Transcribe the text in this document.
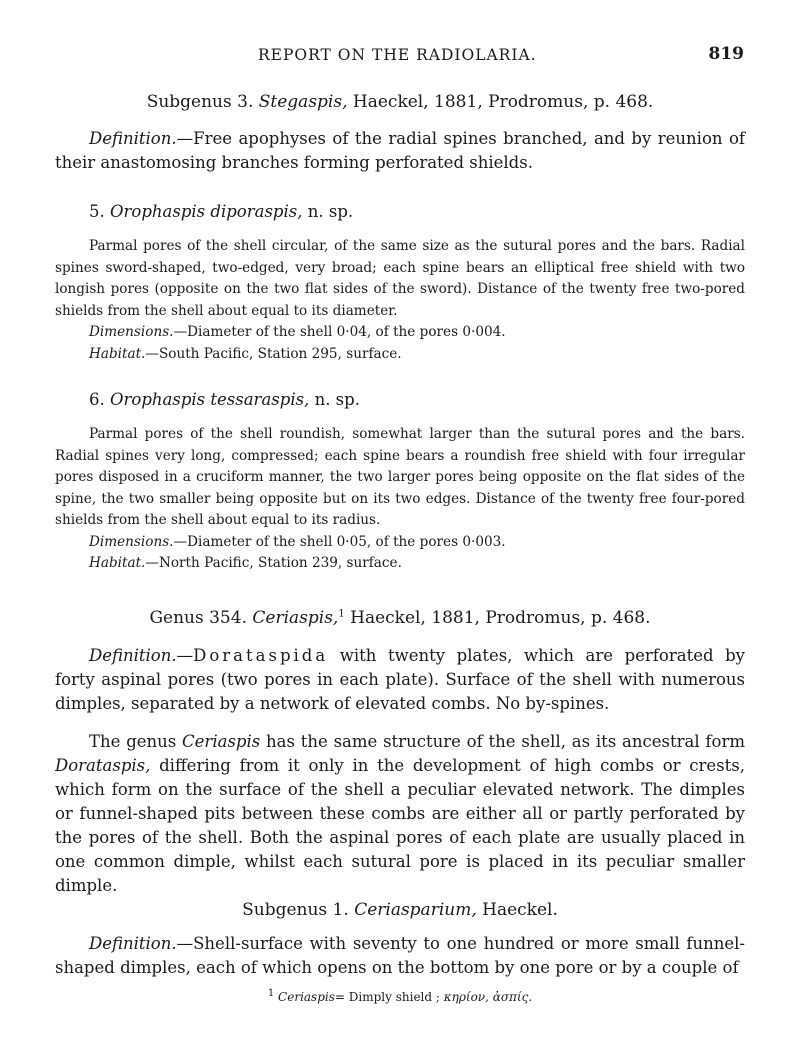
REPORT ON THE RADIOLARIA.	819
Subgenus 3. Stegaspis, Haeckel, 1881, Prodromus, p. 468.

Definition.—Free apophyses of the radial spines branched, and by reunion of their anastomosing branches forming perforated shields.

5. Orophaspis diporaspis, n. sp.

Parmal pores of the shell circular, of the same size as the sutural pores and the bars. Radial spines sword-shaped, two-edged, very broad; each spine bears an elliptical free shield with two longish pores (opposite on the two flat sides of the sword). Distance of the twenty free two-pored shields from the shell about equal to its diameter.

Dimensions.—Diameter of the shell 0·04, of the pores 0·004.

Habitat.—South Pacific, Station 295, surface.

6. Orophaspis tessaraspis, n. sp.

Parmal pores of the shell roundish, somewhat larger than the sutural pores and the bars. Radial spines very long, compressed; each spine bears a roundish free shield with four irregular pores disposed in a cruciform manner, the two larger pores being opposite on the flat sides of the spine, the two smaller being opposite but on its two edges. Distance of the twenty free four-pored shields from the shell about equal to its radius.

Dimensions.—Diameter of the shell 0·05, of the pores 0·003.

Habitat.—North Pacific, Station 239, surface.

Genus 354. Ceriaspis,$^1$ Haeckel, 1881, Prodromus, p. 468.

Definition.—Dorataspida with twenty plates, which are perforated by forty aspinal pores (two pores in each plate). Surface of the shell with numerous dimples, separated by a network of elevated combs. No by-spines.

The genus Ceriaspis has the same structure of the shell, as its ancestral form Dorataspis, differing from it only in the development of high combs or crests, which form on the surface of the shell a peculiar elevated network. The dimples or funnel-shaped pits between these combs are either all or partly perforated by the pores of the shell. Both the aspinal pores of each plate are usually placed in one common dimple, whilst each sutural pore is placed in its peculiar smaller dimple.

Subgenus 1. Ceriasparium, Haeckel.

Definition.—Shell-surface with seventy to one hundred or more small funnel-shaped dimples, each of which opens on the bottom by one pore or by a couple of

$^1$ Ceriaspis= Dimply shield ; κηρίον, ἀσπίς.
